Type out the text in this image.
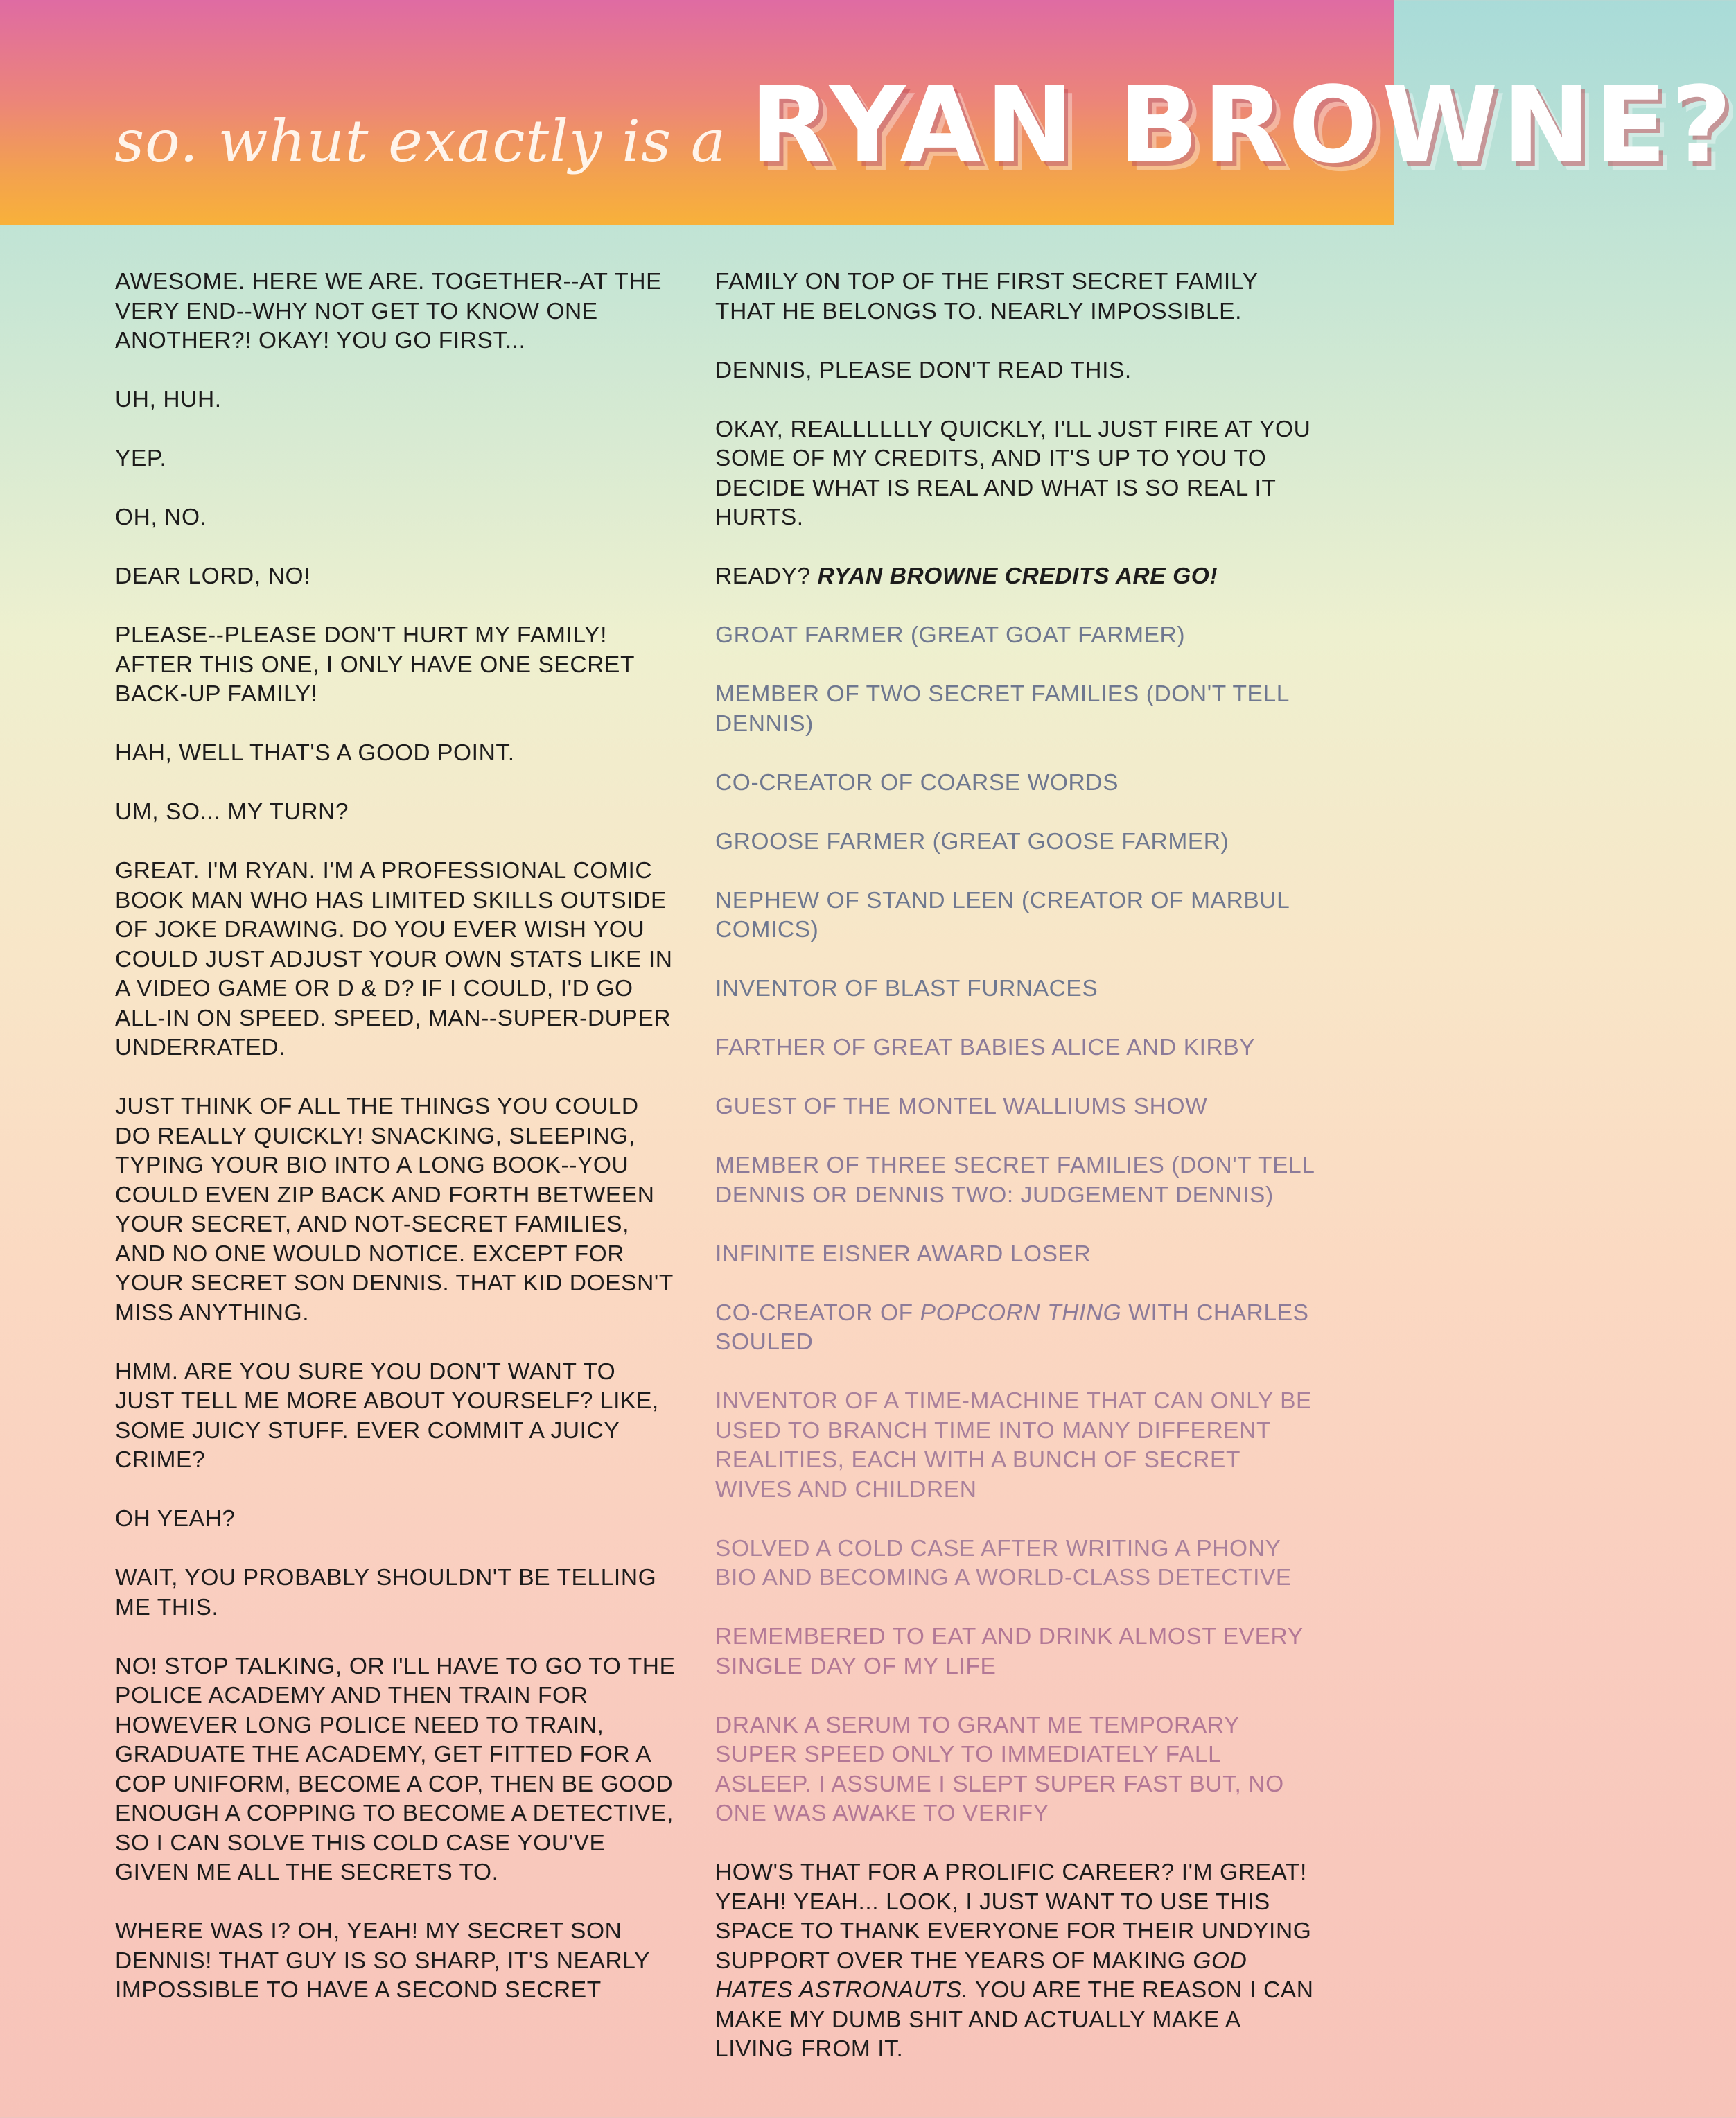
so. whut exactly is a RYAN BROWNE?

AWESOME. HERE WE ARE. TOGETHER--AT THE VERY END--WHY NOT GET TO KNOW ONE ANOTHER?! OKAY! YOU GO FIRST...

UH, HUH.

YEP.

OH, NO.

DEAR LORD, NO!

PLEASE--PLEASE DON'T HURT MY FAMILY! AFTER THIS ONE, I ONLY HAVE ONE SECRET BACK-UP FAMILY!

HAH, WELL THAT'S A GOOD POINT.

UM, SO... MY TURN?

GREAT. I'M RYAN. I'M A PROFESSIONAL COMIC BOOK MAN WHO HAS LIMITED SKILLS OUTSIDE OF JOKE DRAWING. DO YOU EVER WISH YOU COULD JUST ADJUST YOUR OWN STATS LIKE IN A VIDEO GAME OR D & D? IF I COULD, I'D GO ALL-IN ON SPEED. SPEED, MAN--SUPER-DUPER UNDERRATED.

JUST THINK OF ALL THE THINGS YOU COULD DO REALLY QUICKLY! SNACKING, SLEEPING, TYPING YOUR BIO INTO A LONG BOOK--YOU COULD EVEN ZIP BACK AND FORTH BETWEEN YOUR SECRET, AND NOT-SECRET FAMILIES, AND NO ONE WOULD NOTICE. EXCEPT FOR YOUR SECRET SON DENNIS. THAT KID DOESN'T MISS ANYTHING.

HMM. ARE YOU SURE YOU DON'T WANT TO JUST TELL ME MORE ABOUT YOURSELF? LIKE, SOME JUICY STUFF. EVER COMMIT A JUICY CRIME?

OH YEAH?

WAIT, YOU PROBABLY SHOULDN'T BE TELLING ME THIS.

NO! STOP TALKING, OR I'LL HAVE TO GO TO THE POLICE ACADEMY AND THEN TRAIN FOR HOWEVER LONG POLICE NEED TO TRAIN, GRADUATE THE ACADEMY, GET FITTED FOR A COP UNIFORM, BECOME A COP, THEN BE GOOD ENOUGH A COPPING TO BECOME A DETECTIVE, SO I CAN SOLVE THIS COLD CASE YOU'VE GIVEN ME ALL THE SECRETS TO.

WHERE WAS I? OH, YEAH! MY SECRET SON DENNIS! THAT GUY IS SO SHARP, IT'S NEARLY IMPOSSIBLE TO HAVE A SECOND SECRET

FAMILY ON TOP OF THE FIRST SECRET FAMILY THAT HE BELONGS TO. NEARLY IMPOSSIBLE.

DENNIS, PLEASE DON'T READ THIS.

OKAY, REALLLLLLY QUICKLY, I'LL JUST FIRE AT YOU SOME OF MY CREDITS, AND IT'S UP TO YOU TO DECIDE WHAT IS REAL AND WHAT IS SO REAL IT HURTS.

READY? RYAN BROWNE CREDITS ARE GO!

GROAT FARMER (GREAT GOAT FARMER)

MEMBER OF TWO SECRET FAMILIES (DON'T TELL DENNIS)

CO-CREATOR OF COARSE WORDS

GROOSE FARMER (GREAT GOOSE FARMER)

NEPHEW OF STAND LEEN (CREATOR OF MARBUL COMICS)

INVENTOR OF BLAST FURNACES

FARTHER OF GREAT BABIES ALICE AND KIRBY

GUEST OF THE MONTEL WALLIUMS SHOW

MEMBER OF THREE SECRET FAMILIES (DON'T TELL DENNIS OR DENNIS TWO: JUDGEMENT DENNIS)

INFINITE EISNER AWARD LOSER

CO-CREATOR OF POPCORN THING WITH CHARLES SOULED

INVENTOR OF A TIME-MACHINE THAT CAN ONLY BE USED TO BRANCH TIME INTO MANY DIFFERENT REALITIES, EACH WITH A BUNCH OF SECRET WIVES AND CHILDREN

SOLVED A COLD CASE AFTER WRITING A PHONY BIO AND BECOMING A WORLD-CLASS DETECTIVE

REMEMBERED TO EAT AND DRINK ALMOST EVERY SINGLE DAY OF MY LIFE

DRANK A SERUM TO GRANT ME TEMPORARY SUPER SPEED ONLY TO IMMEDIATELY FALL ASLEEP. I ASSUME I SLEPT SUPER FAST BUT, NO ONE WAS AWAKE TO VERIFY

HOW'S THAT FOR A PROLIFIC CAREER? I'M GREAT! YEAH! YEAH... LOOK, I JUST WANT TO USE THIS SPACE TO THANK EVERYONE FOR THEIR UNDYING SUPPORT OVER THE YEARS OF MAKING GOD HATES ASTRONAUTS. YOU ARE THE REASON I CAN MAKE MY DUMB SHIT AND ACTUALLY MAKE A LIVING FROM IT.
